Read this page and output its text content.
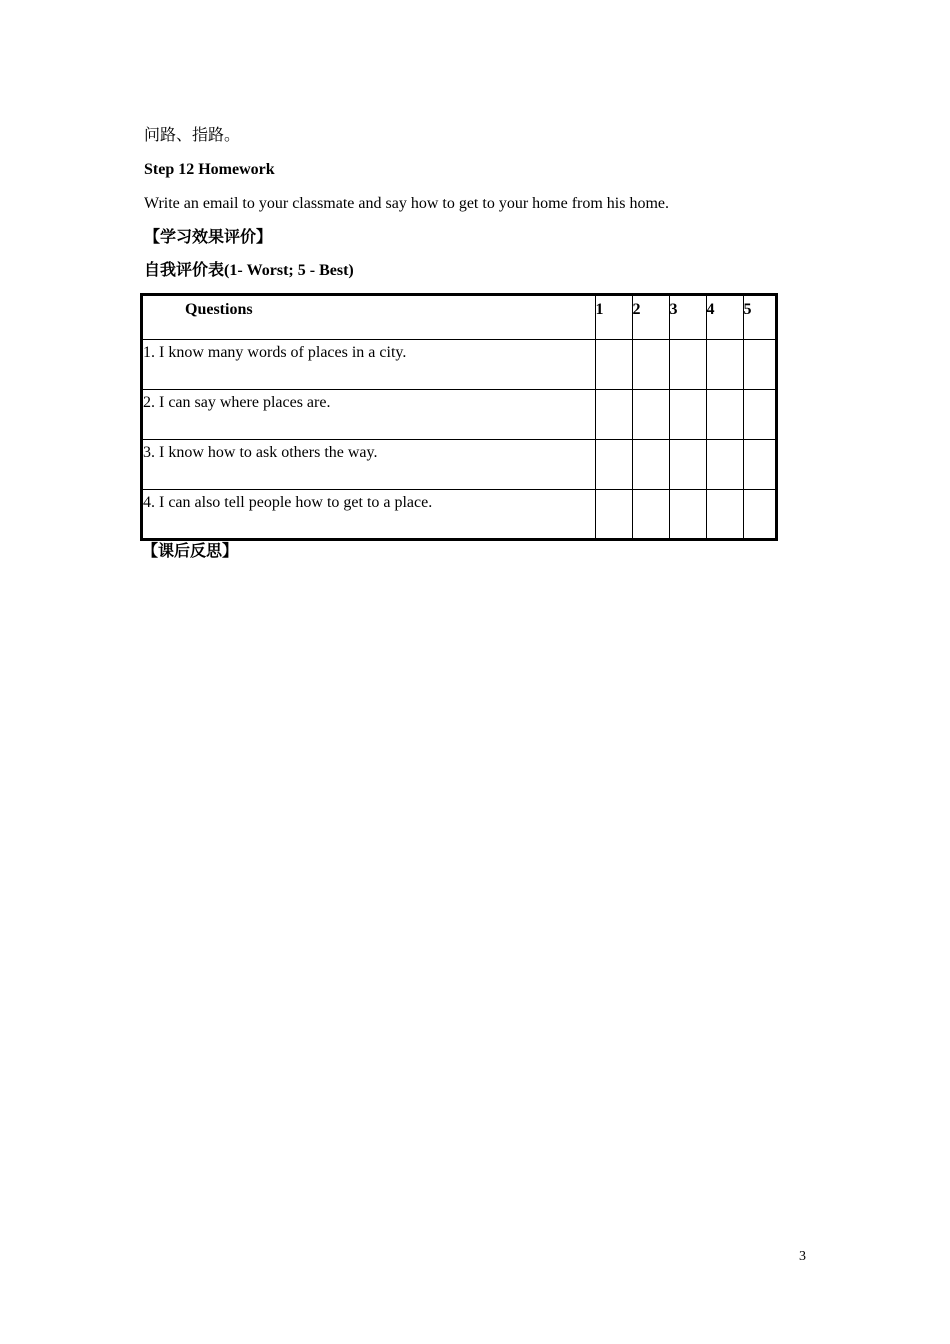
问路、指路。
Step 12 Homework
Write an email to your classmate and say how to get to your home from his home.
【学习效果评价】
自我评价表(1- Worst; 5 - Best)
Questions	1	2	3	4	5
1. I know many words of places in a city.					
2. I can say where places are.					
3. I know how to ask others the way.					
4. I can also tell people how to get to a place.					
【课后反思】
3
